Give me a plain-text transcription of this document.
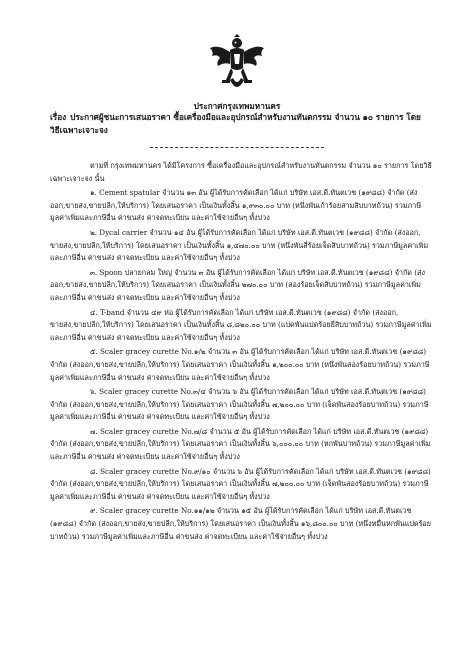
ประกาศกรุงเทพมหานคร
เรื่อง ประกาศผู้ชนะการเสนอราคา ซื้อเครื่องมือและอุปกรณ์สำหรับงานทันตกรรม จำนวน ๑๐ รายการ โดยวิธีเฉพาะเจาะจง

ตามที่ กรุงเทพมหานคร ได้มีโครงการ ซื้อเครื่องมือและอุปกรณ์สำหรับงานทันตกรรม จำนวน ๑๐ รายการ โดยวิธีเฉพาะเจาะจง นั้น

๑. Cement spatular จำนวน ๑๓ อัน ผู้ได้รับการคัดเลือก ได้แก่ บริษัท เอส.ดี.ทันตเวช (๑๙๘๘) จำกัด (ส่งออก,ขายส่ง,ขายปลีก,ให้บริการ) โดยเสนอราคา เป็นเงินทั้งสิ้น ๑,๙๓๐.๐๐ บาท (หนึ่งพันเก้าร้อยสามสิบบาทถ้วน) รวมภาษีมูลค่าเพิ่มและภาษีอื่น ค่าขนส่ง ค่าจดทะเบียน และค่าใช้จ่ายอื่นๆ ทั้งปวง

๒. Dycal carrier จำนวน ๑๔ อัน ผู้ได้รับการคัดเลือก ได้แก่ บริษัท เอส.ดี.ทันตเวช (๑๙๘๘) จำกัด (ส่งออก, ขายส่ง,ขายปลีก,ให้บริการ) โดยเสนอราคา เป็นเงินทั้งสิ้น ๑,๔๗๐.๐๐ บาท (หนึ่งพันสี่ร้อยเจ็ดสิบบาทถ้วน) รวมภาษีมูลค่าเพิ่มและภาษีอื่น ค่าขนส่ง ค่าจดทะเบียน และค่าใช้จ่ายอื่นๆ ทั้งปวง

๓. Spoon ปลายกลม ใหญ่ จำนวน ๓ อัน ผู้ได้รับการคัดเลือก ได้แก่ บริษัท เอส.ดี.ทันตเวช (๑๙๘๘) จำกัด (ส่งออก,ขายส่ง,ขายปลีก,ให้บริการ) โดยเสนอราคา เป็นเงินทั้งสิ้น ๒๗๐.๐๐ บาท (สองร้อยเจ็ดสิบบาทถ้วน) รวมภาษีมูลค่าเพิ่มและภาษีอื่น ค่าขนส่ง ค่าจดทะเบียน และค่าใช้จ่ายอื่นๆ ทั้งปวง

๔. T-band จำนวน ๔๙ ห่อ ผู้ได้รับการคัดเลือก ได้แก่ บริษัท เอส.ดี.ทันตเวช (๑๙๘๘) จำกัด (ส่งออก, ขายส่ง,ขายปลีก,ให้บริการ) โดยเสนอราคา เป็นเงินทั้งสิ้น ๘,๘๒๐.๐๐ บาท (แปดพันแปดร้อยยี่สิบบาทถ้วน) รวมภาษีมูลค่าเพิ่มและภาษีอื่น ค่าขนส่ง ค่าจดทะเบียน และค่าใช้จ่ายอื่นๆ ทั้งปวง

๕. Scaler gracey curette No.๑/๒ จำนวน ๓ อัน ผู้ได้รับการคัดเลือก ได้แก่ บริษัท เอส.ดี.ทันตเวช (๑๙๘๘) จำกัด (ส่งออก,ขายส่ง,ขายปลีก,ให้บริการ) โดยเสนอราคา เป็นเงินทั้งสิ้น ๑,๒๐๐.๐๐ บาท (หนึ่งพันสองร้อยบาทถ้วน) รวมภาษีมูลค่าเพิ่มและภาษีอื่น ค่าขนส่ง ค่าจดทะเบียน และค่าใช้จ่ายอื่นๆ ทั้งปวง

๖. Scaler gracey curette No.๓/๔ จำนวน ๖ อัน ผู้ได้รับการคัดเลือก ได้แก่ บริษัท เอส.ดี.ทันตเวช (๑๙๘๘) จำกัด (ส่งออก,ขายส่ง,ขายปลีก,ให้บริการ) โดยเสนอราคา เป็นเงินทั้งสิ้น ๗,๒๐๐.๐๐ บาท (เจ็ดพันสองร้อยบาทถ้วน) รวมภาษีมูลค่าเพิ่มและภาษีอื่น ค่าขนส่ง ค่าจดทะเบียน และค่าใช้จ่ายอื่นๆ ทั้งปวง

๗. Scaler gracey curette No.๗/๘ จำนวน ๕ อัน ผู้ได้รับการคัดเลือก ได้แก่ บริษัท เอส.ดี.ทันตเวช (๑๙๘๘) จำกัด (ส่งออก,ขายส่ง,ขายปลีก,ให้บริการ) โดยเสนอราคา เป็นเงินทั้งสิ้น ๖,๐๐๐.๐๐ บาท (หกพันบาทถ้วน) รวมภาษีมูลค่าเพิ่มและภาษีอื่น ค่าขนส่ง ค่าจดทะเบียน และค่าใช้จ่ายอื่นๆ ทั้งปวง

๘. Scaler gracey curette No.๙/๑๐ จำนวน ๖ อัน ผู้ได้รับการคัดเลือก ได้แก่ บริษัท เอส.ดี.ทันตเวช (๑๙๘๘) จำกัด (ส่งออก,ขายส่ง,ขายปลีก,ให้บริการ) โดยเสนอราคา เป็นเงินทั้งสิ้น ๗,๒๐๐.๐๐ บาท (เจ็ดพันสองร้อยบาทถ้วน) รวมภาษีมูลค่าเพิ่มและภาษีอื่น ค่าขนส่ง ค่าจดทะเบียน และค่าใช้จ่ายอื่นๆ ทั้งปวง

๙. Scaler gracey curette No.๑๑/๑๒ จำนวน ๑๕ อัน ผู้ได้รับการคัดเลือก ได้แก่ บริษัท เอส.ดี.ทันตเวช (๑๙๘๘) จำกัด (ส่งออก,ขายส่ง,ขายปลีก,ให้บริการ) โดยเสนอราคา เป็นเงินทั้งสิ้น ๑๖,๘๐๐.๐๐ บาท (หนึ่งหมื่นหกพันแปดร้อยบาทถ้วน) รวมภาษีมูลค่าเพิ่มและภาษีอื่น ค่าขนส่ง ค่าจดทะเบียน และค่าใช้จ่ายอื่นๆ ทั้งปวง
